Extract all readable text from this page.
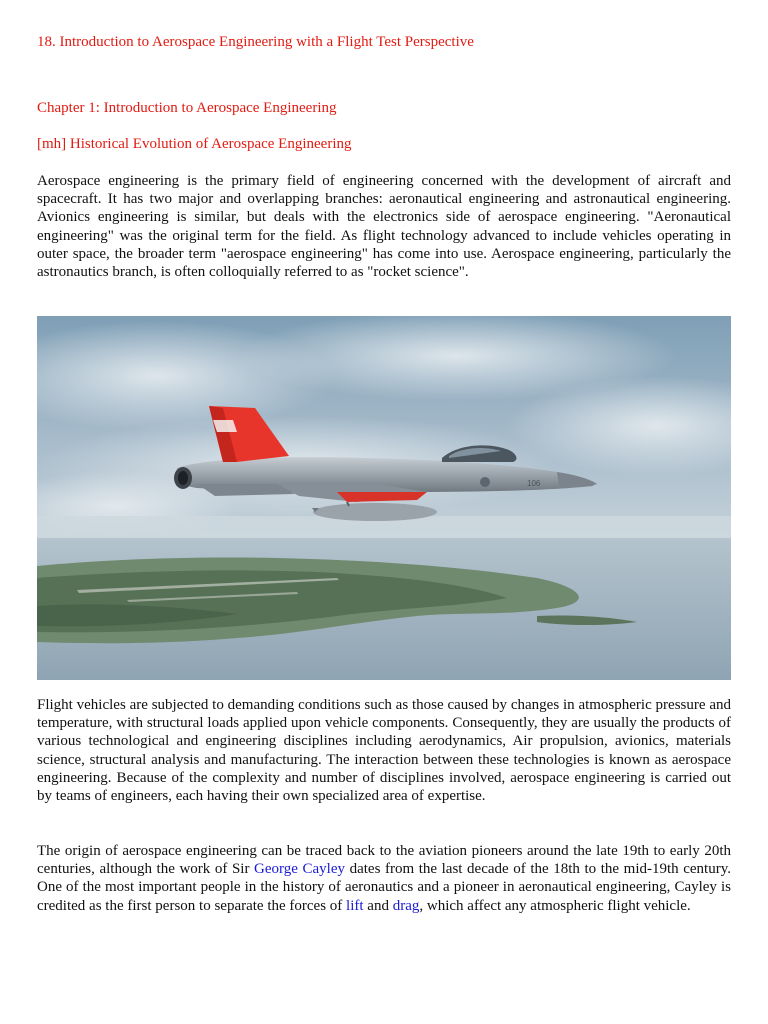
18. Introduction to Aerospace Engineering with a Flight Test Perspective
Chapter 1: Introduction to Aerospace Engineering
[mh] Historical Evolution of Aerospace Engineering

Aerospace engineering is the primary field of engineering concerned with the development of aircraft and spacecraft. It has two major and overlapping branches: aeronautical engineering and astronautical engineering. Avionics engineering is similar, but deals with the electronics side of aerospace engineering. "Aeronautical engineering" was the original term for the field. As flight technology advanced to include vehicles operating in outer space, the broader term "aerospace engineering" has come into use. Aerospace engineering, particularly the astronautics branch, is often colloquially referred to as "rocket science".

106

Flight vehicles are subjected to demanding conditions such as those caused by changes in atmospheric pressure and temperature, with structural loads applied upon vehicle components. Consequently, they are usually the products of various technological and engineering disciplines including aerodynamics, Air propulsion, avionics, materials science, structural analysis and manufacturing. The interaction between these technologies is known as aerospace engineering. Because of the complexity and number of disciplines involved, aerospace engineering is carried out by teams of engineers, each having their own specialized area of expertise.

The origin of aerospace engineering can be traced back to the aviation pioneers around the late 19th to early 20th centuries, although the work of Sir George Cayley dates from the last decade of the 18th to the mid-19th century. One of the most important people in the history of aeronautics and a pioneer in aeronautical engineering, Cayley is credited as the first person to separate the forces of lift and drag, which affect any atmospheric flight vehicle.
